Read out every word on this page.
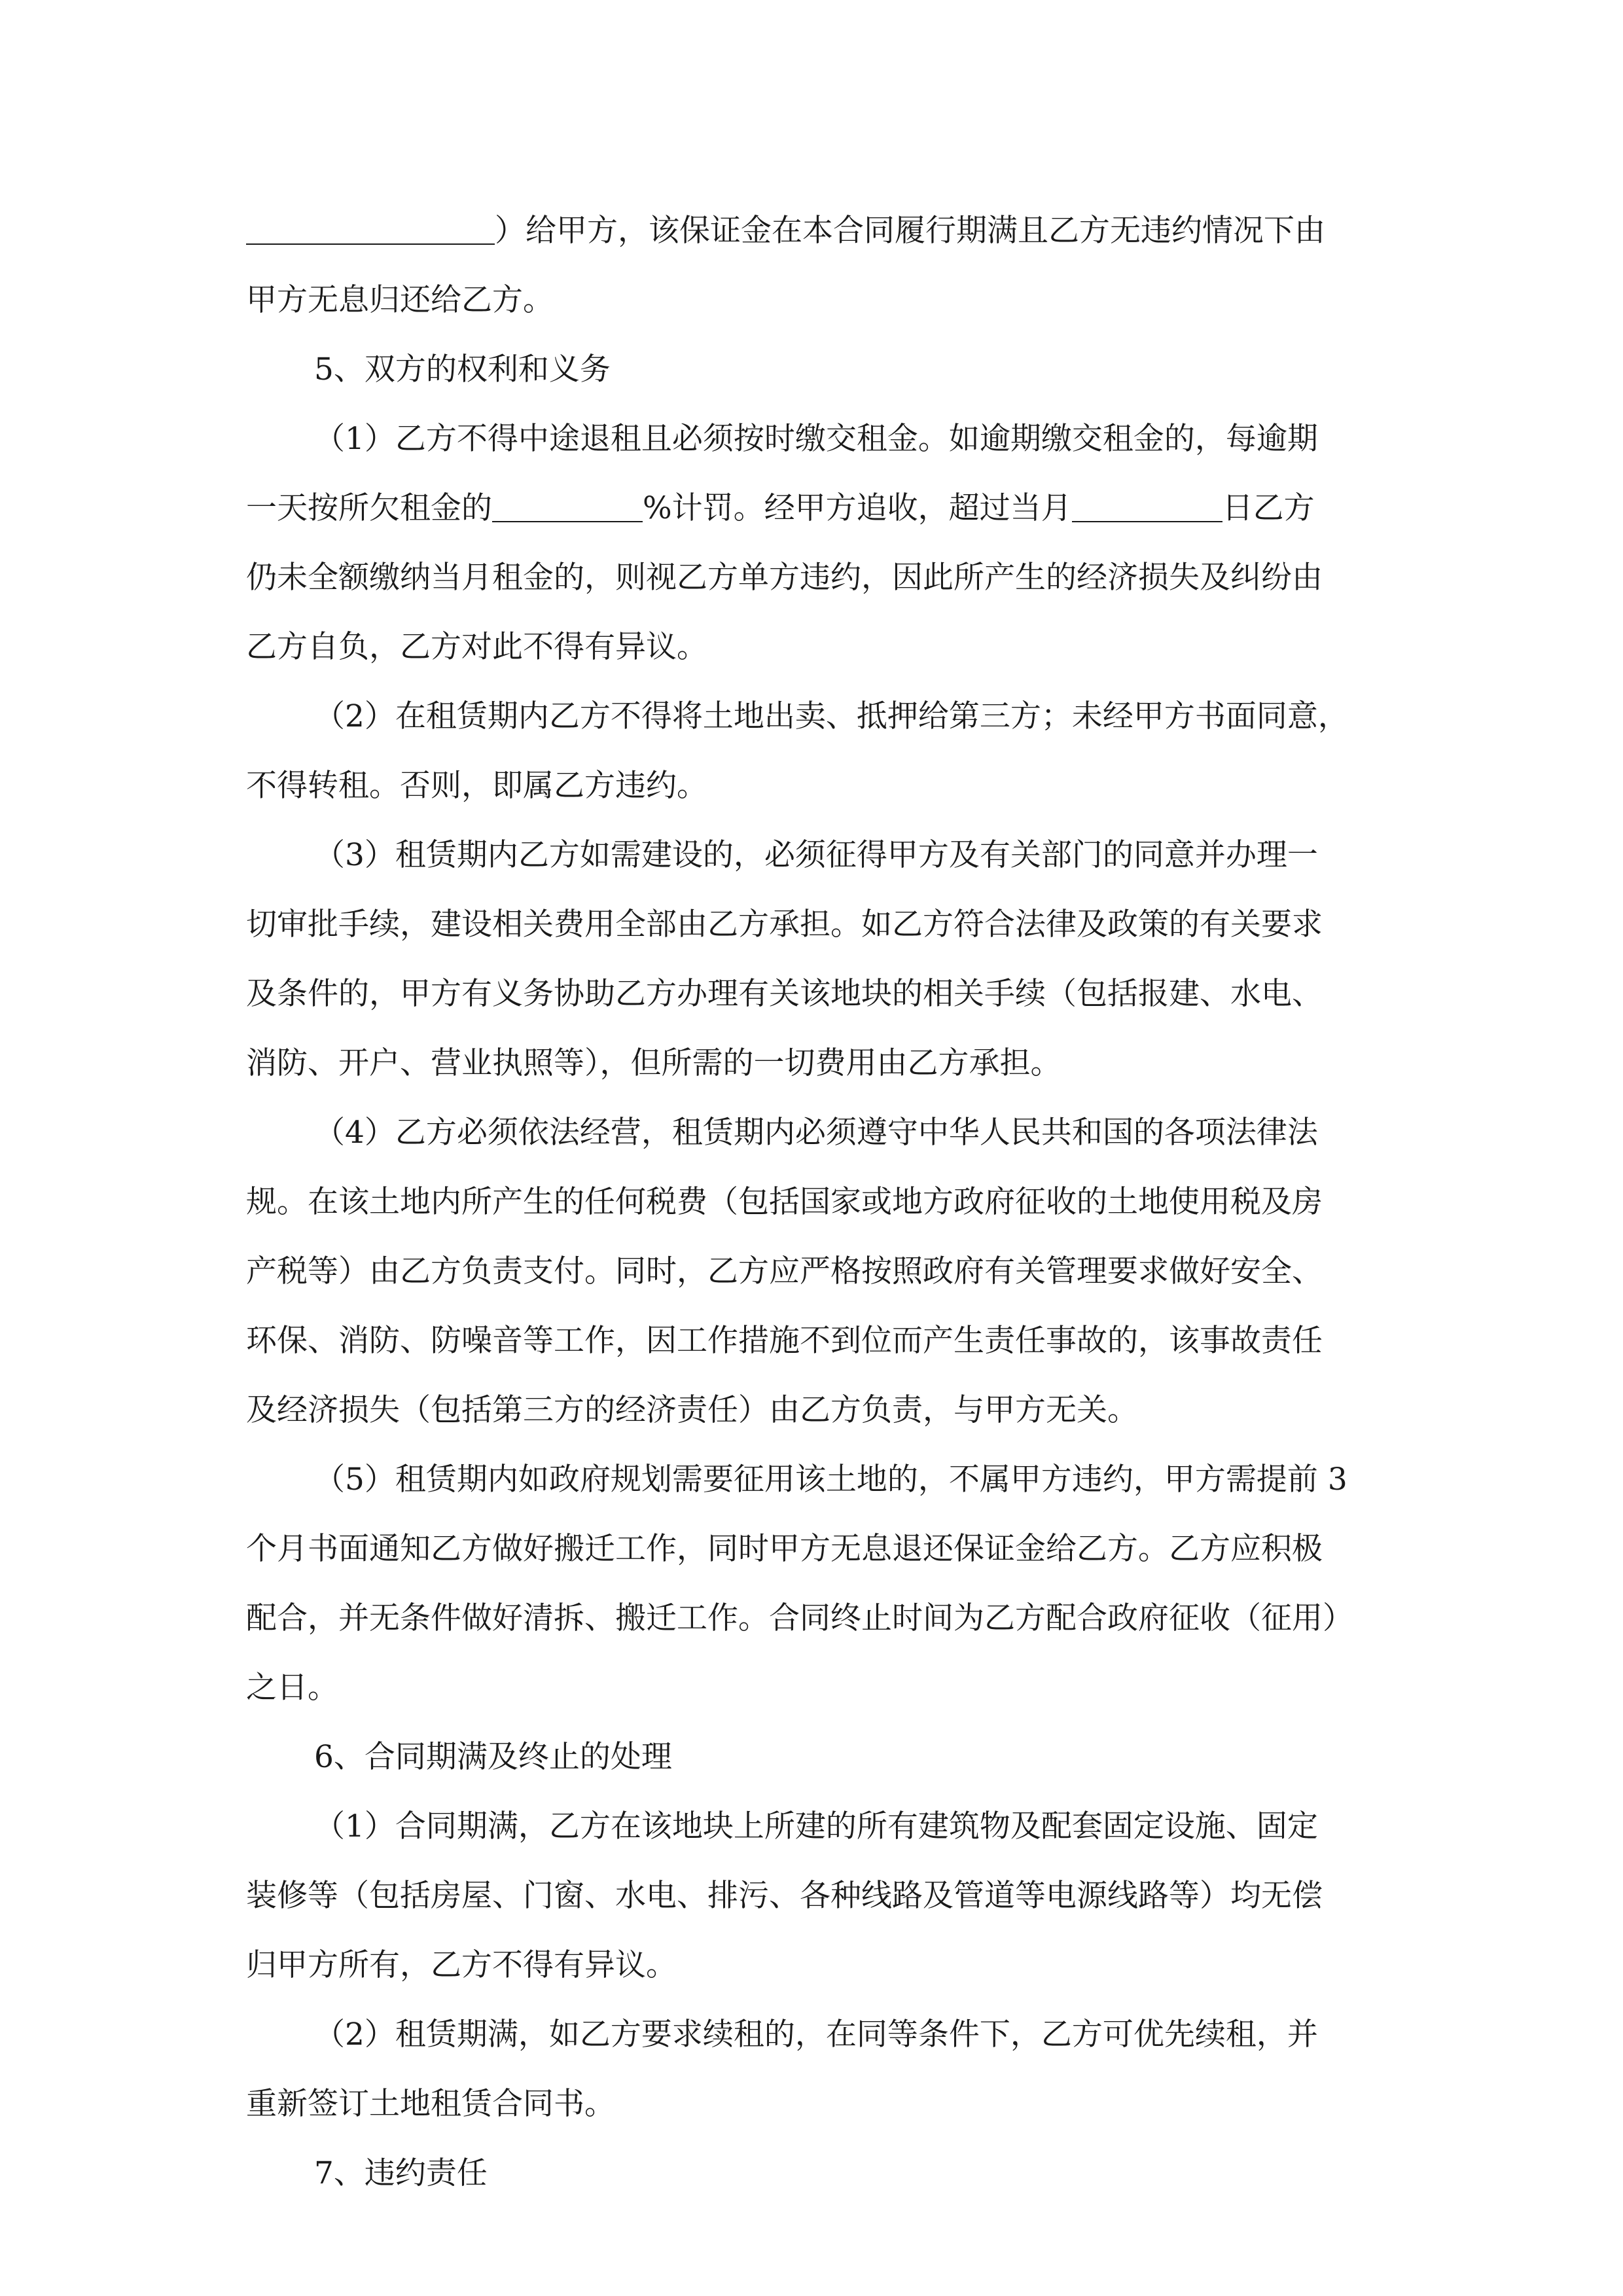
）给甲方，该保证金在本合同履行期满且乙方无违约情况下由
甲方无息归还给乙方。
5、双方的权利和义务
（1）乙方不得中途退租且必须按时缴交租金。如逾期缴交租金的，每逾期
一天按所欠租金的	%计罚。经甲方追收，超过当月	日乙方
仍未全额缴纳当月租金的，则视乙方单方违约，因此所产生的经济损失及纠纷由
乙方自负，乙方对此不得有异议。
（2）在租赁期内乙方不得将土地出卖、抵押给第三方；未经甲方书面同意，
不得转租。否则，即属乙方违约。
（3）租赁期内乙方如需建设的，必须征得甲方及有关部门的同意并办理一
切审批手续，建设相关费用全部由乙方承担。如乙方符合法律及政策的有关要求
及条件的，甲方有义务协助乙方办理有关该地块的相关手续（包括报建、水电、
消防、开户、营业执照等），但所需的一切费用由乙方承担。
（4）乙方必须依法经营，租赁期内必须遵守中华人民共和国的各项法律法
规。在该土地内所产生的任何税费（包括国家或地方政府征收的土地使用税及房
产税等）由乙方负责支付。同时，乙方应严格按照政府有关管理要求做好安全、
环保、消防、防噪音等工作，因工作措施不到位而产生责任事故的，该事故责任
及经济损失（包括第三方的经济责任）由乙方负责，与甲方无关。
（5）租赁期内如政府规划需要征用该土地的，不属甲方违约，甲方需提前 3
个月书面通知乙方做好搬迁工作，同时甲方无息退还保证金给乙方。乙方应积极
配合，并无条件做好清拆、搬迁工作。合同终止时间为乙方配合政府征收（征用）
之日。
6、合同期满及终止的处理
（1）合同期满，乙方在该地块上所建的所有建筑物及配套固定设施、固定
装修等（包括房屋、门窗、水电、排污、各种线路及管道等电源线路等）均无偿
归甲方所有，乙方不得有异议。
（2）租赁期满，如乙方要求续租的，在同等条件下，乙方可优先续租，并
重新签订土地租赁合同书。
7、违约责任
